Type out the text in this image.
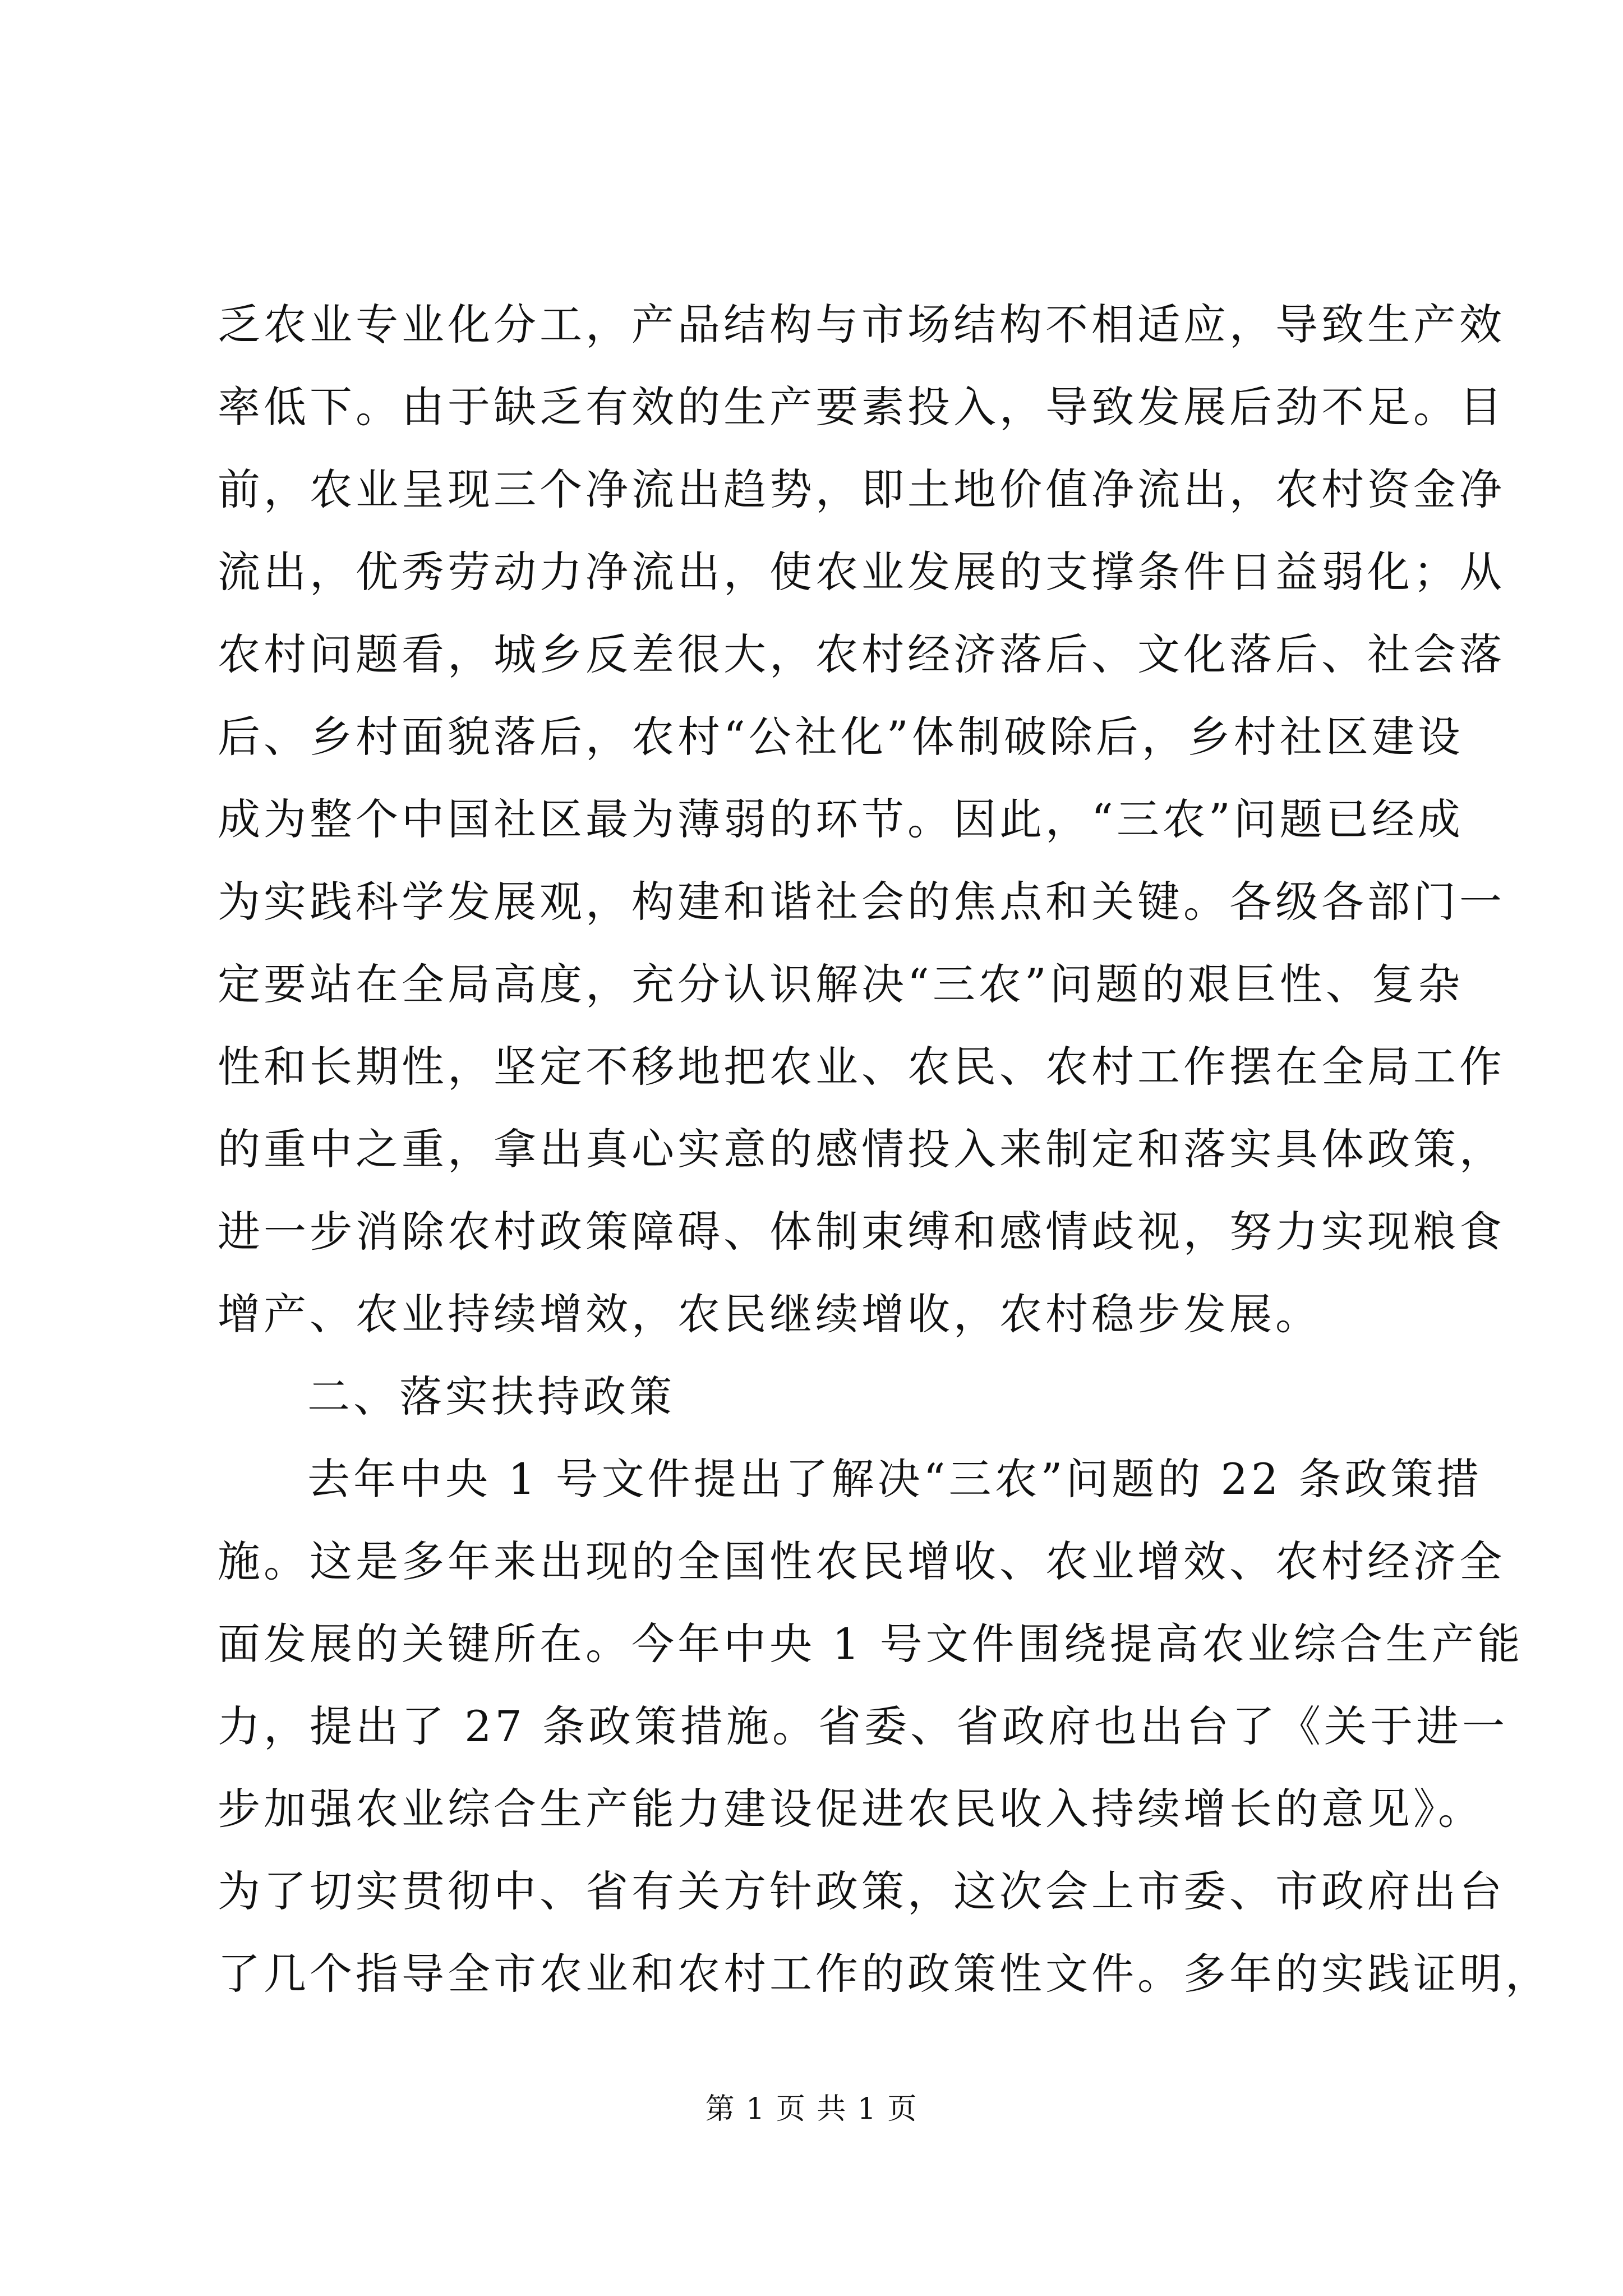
乏农业专业化分工，产品结构与市场结构不相适应，导致生产效
率低下。由于缺乏有效的生产要素投入，导致发展后劲不足。目
前，农业呈现三个净流出趋势，即土地价值净流出，农村资金净
流出，优秀劳动力净流出，使农业发展的支撑条件日益弱化；从
农村问题看，城乡反差很大，农村经济落后、文化落后、社会落
后、乡村面貌落后，农村“公社化”体制破除后，乡村社区建设
成为整个中国社区最为薄弱的环节。因此，“三农”问题已经成
为实践科学发展观，构建和谐社会的焦点和关键。各级各部门一
定要站在全局高度，充分认识解决“三农”问题的艰巨性、复杂
性和长期性，坚定不移地把农业、农民、农村工作摆在全局工作
的重中之重，拿出真心实意的感情投入来制定和落实具体政策，
进一步消除农村政策障碍、体制束缚和感情歧视，努力实现粮食
增产、农业持续增效，农民继续增收，农村稳步发展。
二、落实扶持政策
去年中央 1 号文件提出了解决“三农”问题的 22 条政策措
施。这是多年来出现的全国性农民增收、农业增效、农村经济全
面发展的关键所在。今年中央 1 号文件围绕提高农业综合生产能
力，提出了 27 条政策措施。省委、省政府也出台了《关于进一
步加强农业综合生产能力建设促进农民收入持续增长的意见》。
为了切实贯彻中、省有关方针政策，这次会上市委、市政府出台
了几个指导全市农业和农村工作的政策性文件。多年的实践证明，
第 1 页 共 1 页
